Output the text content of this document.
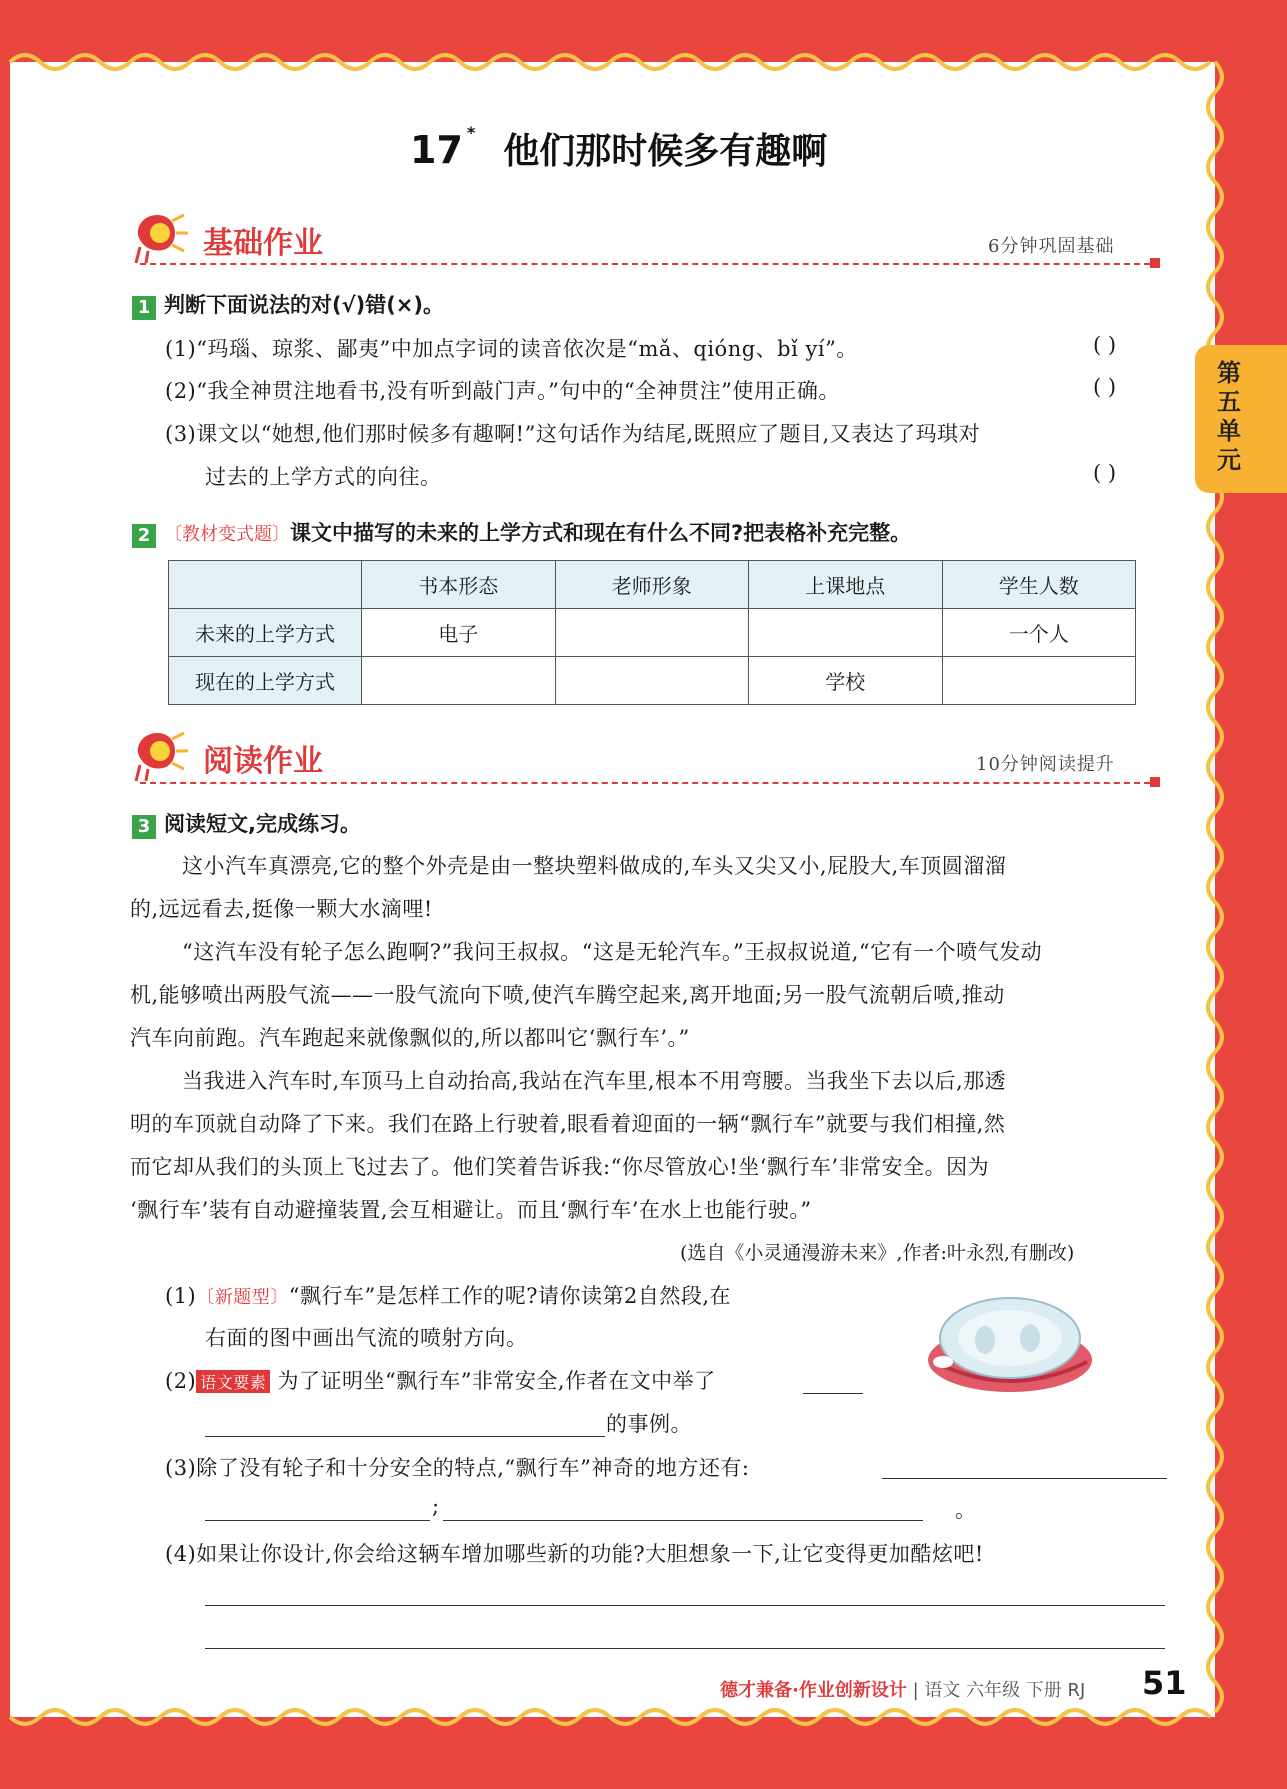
第五单元
17 * 他们那时候多有趣啊
基础作业	6分钟巩固基础
1 判断下面说法的对(√)错(×)。
(1)“玛瑙、琼浆、鄙夷”中加点字词的读音依次是“mǎ、qióng、bǐ yí”。	( )
(2)“我全神贯注地看书,没有听到敲门声。”句中的“全神贯注”使用正确。	( )
(3)课文以“她想,他们那时候多有趣啊!”这句话作为结尾,既照应了题目,又表达了玛琪对
过去的上学方式的向往。	( )
2 〔教材变式题〕课文中描写的未来的上学方式和现在有什么不同?把表格补充完整。
	书本形态	老师形象	上课地点	学生人数
未来的上学方式	电子			一个人
现在的上学方式			学校	
阅读作业	10分钟阅读提升
3 阅读短文,完成练习。
这小汽车真漂亮,它的整个外壳是由一整块塑料做成的,车头又尖又小,屁股大,车顶圆溜溜
的,远远看去,挺像一颗大水滴哩!
“这汽车没有轮子怎么跑啊?”我问王叔叔。“这是无轮汽车。”王叔叔说道,“它有一个喷气发动
机,能够喷出两股气流——一股气流向下喷,使汽车腾空起来,离开地面;另一股气流朝后喷,推动
汽车向前跑。汽车跑起来就像飘似的,所以都叫它‘飘行车’。”
当我进入汽车时,车顶马上自动抬高,我站在汽车里,根本不用弯腰。当我坐下去以后,那透
明的车顶就自动降了下来。我们在路上行驶着,眼看着迎面的一辆“飘行车”就要与我们相撞,然
而它却从我们的头顶上飞过去了。他们笑着告诉我:“你尽管放心!坐‘飘行车’非常安全。因为
‘飘行车’装有自动避撞装置,会互相避让。而且‘飘行车’在水上也能行驶。”
(选自《小灵通漫游未来》,作者:叶永烈,有删改)
(1)〔新题型〕“飘行车”是怎样工作的呢?请你读第2自然段,在
右面的图中画出气流的喷射方向。
(2) 语文要素 为了证明坐“飘行车”非常安全,作者在文中举了
的事例。
(3)除了没有轮子和十分安全的特点,“飘行车”神奇的地方还有:
;	。
(4)如果让你设计,你会给这辆车增加哪些新的功能?大胆想象一下,让它变得更加酷炫吧!
德才兼备·作业创新设计 | 语文 六年级 下册 RJ 51
